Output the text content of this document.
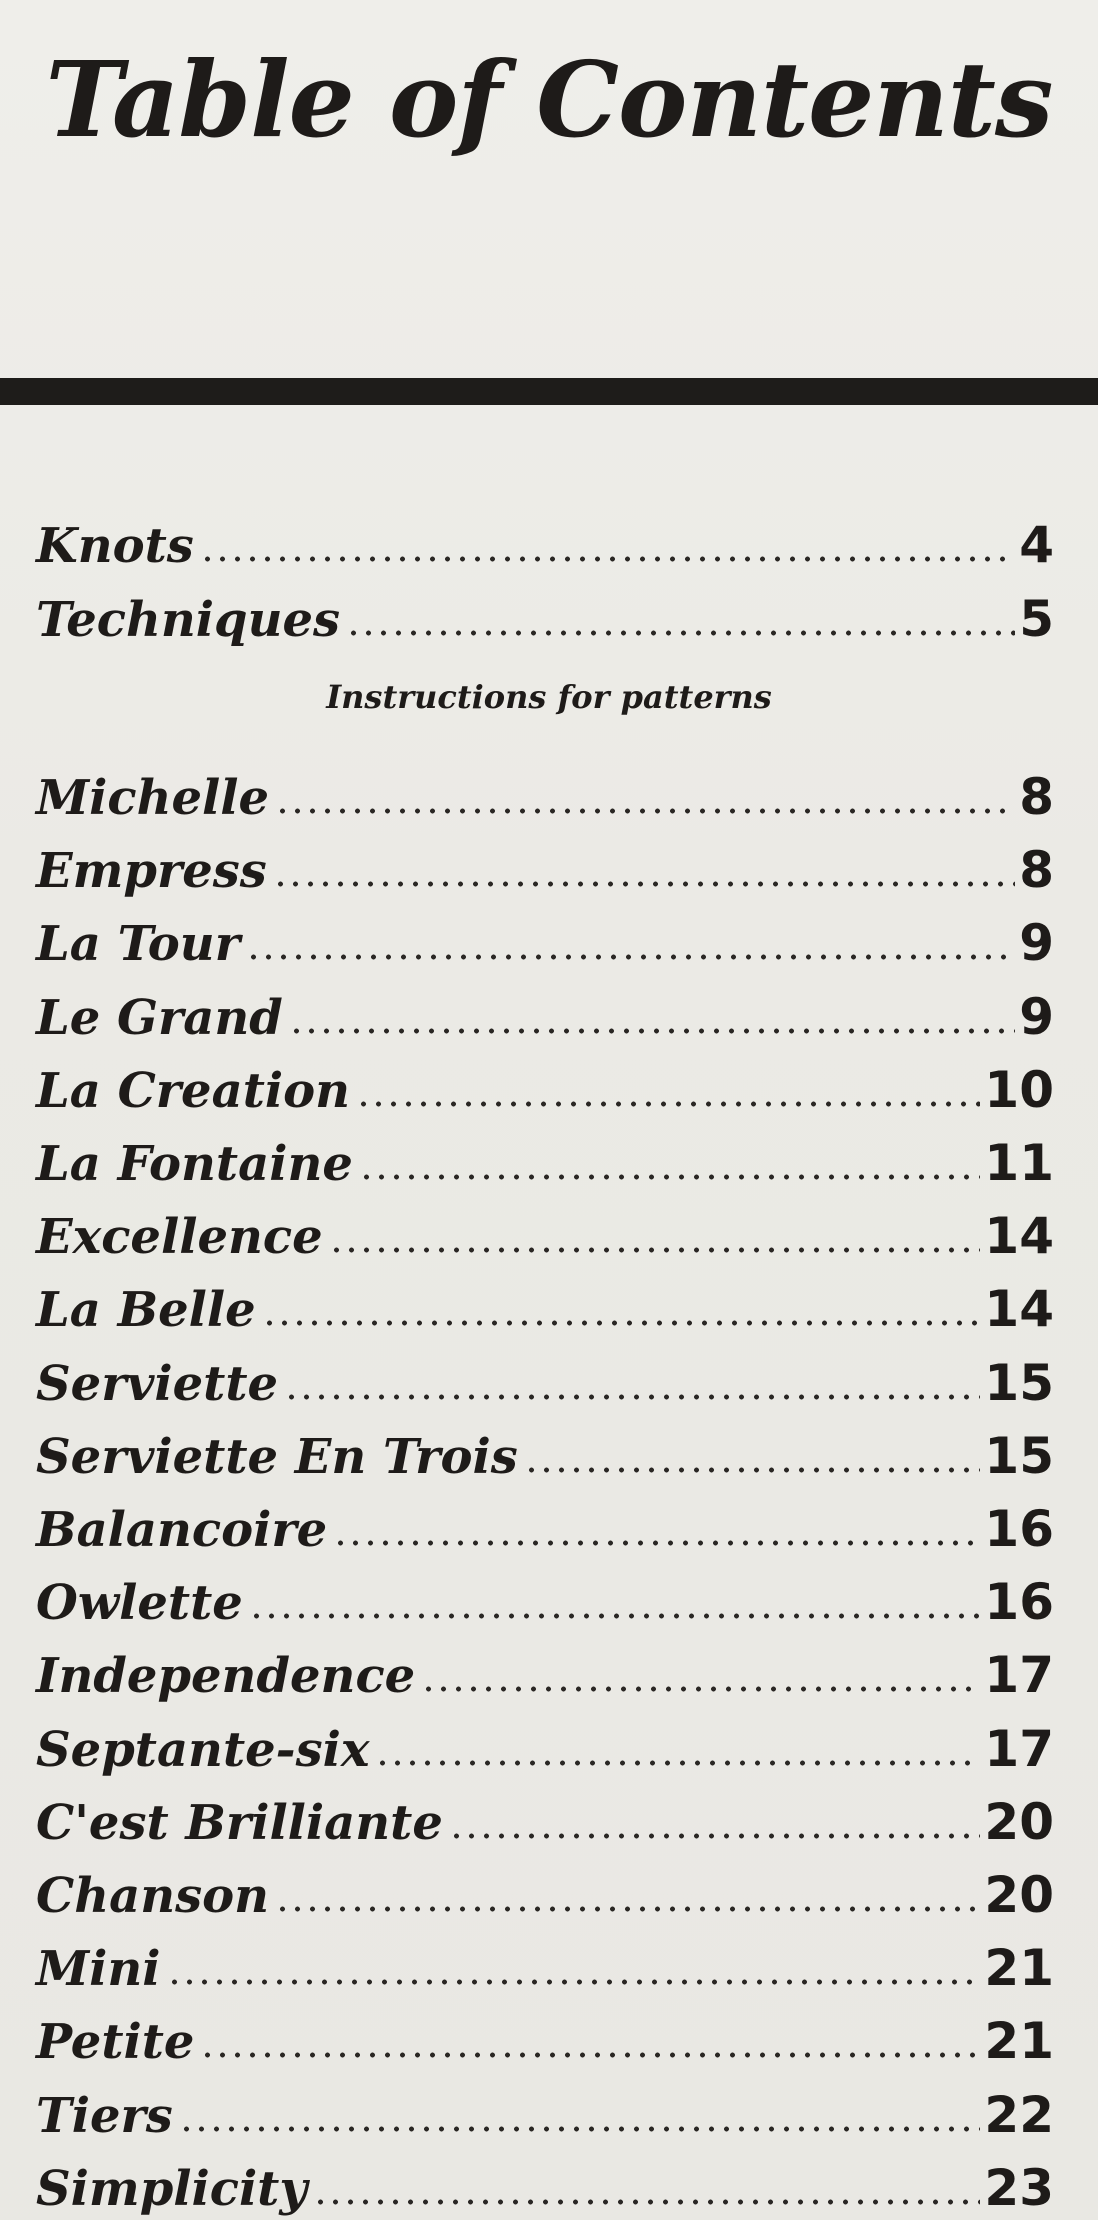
Table of Contents
Knots	4
Techniques	5
Instructions for patterns
Michelle	8
Empress	8
La Tour	9
Le Grand	9
La Creation	10
La Fontaine	11
Excellence	14
La Belle	14
Serviette	15
Serviette En Trois	15
Balancoire	16
Owlette	16
Independence	17
Septante-six	17
C'est Brilliante	20
Chanson	20
Mini	21
Petite	21
Tiers	22
Simplicity	23
